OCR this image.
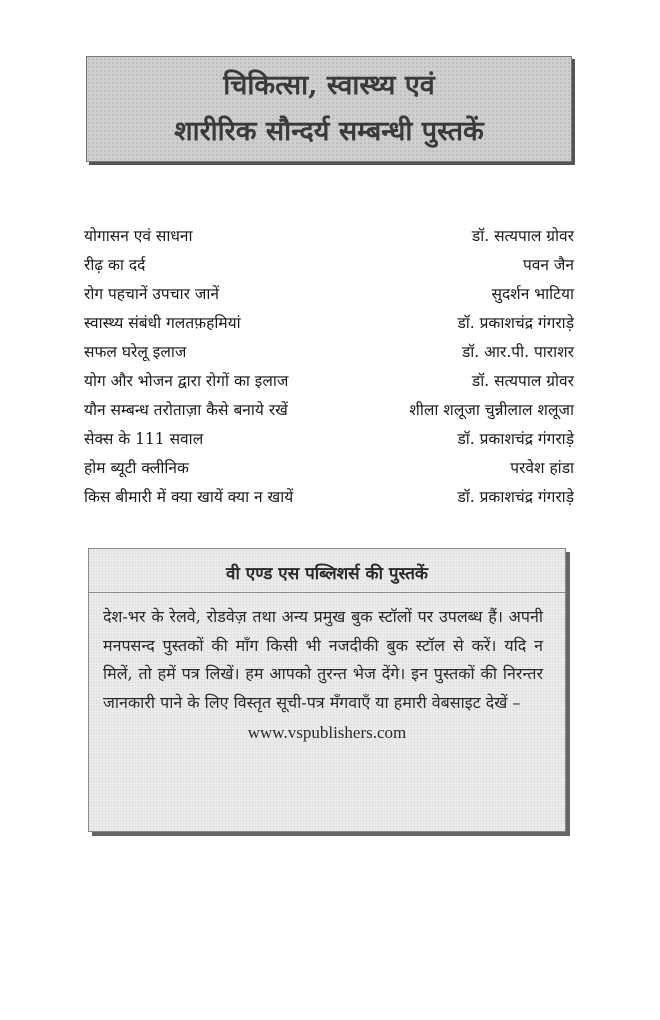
चिकित्सा, स्वास्थ्य एवं
शारीरिक सौन्दर्य सम्बन्धी पुस्तकें
योगासन एवं साधना	डॉ. सत्यपाल ग्रोवर
रीढ़ का दर्द	पवन जैन
रोग पहचानें उपचार जानें	सुदर्शन भाटिया
स्वास्थ्य संबंधी गलतफ़हमियां	डॉ. प्रकाशचंद्र गंगराड़े
सफल घरेलू इलाज	डॉ. आर.पी. पाराशर
योग और भोजन द्वारा रोगों का इलाज	डॉ. सत्यपाल ग्रोवर
यौन सम्बन्ध तरोताज़ा कैसे बनाये रखें	शीला शलूजा चुन्नीलाल शलूजा
सेक्स के 111 सवाल	डॉ. प्रकाशचंद्र गंगराड़े
होम ब्यूटी क्लीनिक	परवेश हांडा
किस बीमारी में क्या खायें क्या न खायें	डॉ. प्रकाशचंद्र गंगराड़े
वी एण्ड एस पब्लिशर्स की पुस्तकें

देश-भर के रेलवे, रोडवेज़ तथा अन्य प्रमुख बुक स्टॉलों पर उपलब्ध हैं। अपनी मनपसन्द पुस्तकों की माँग किसी भी नजदीकी बुक स्टॉल से करें। यदि न मिलें, तो हमें पत्र लिखें। हम आपको तुरन्त भेज देंगे। इन पुस्तकों की निरन्तर जानकारी पाने के लिए विस्तृत सूची-पत्र मँगवाएँ या हमारी वेबसाइट देखें –

www.vspublishers.com
